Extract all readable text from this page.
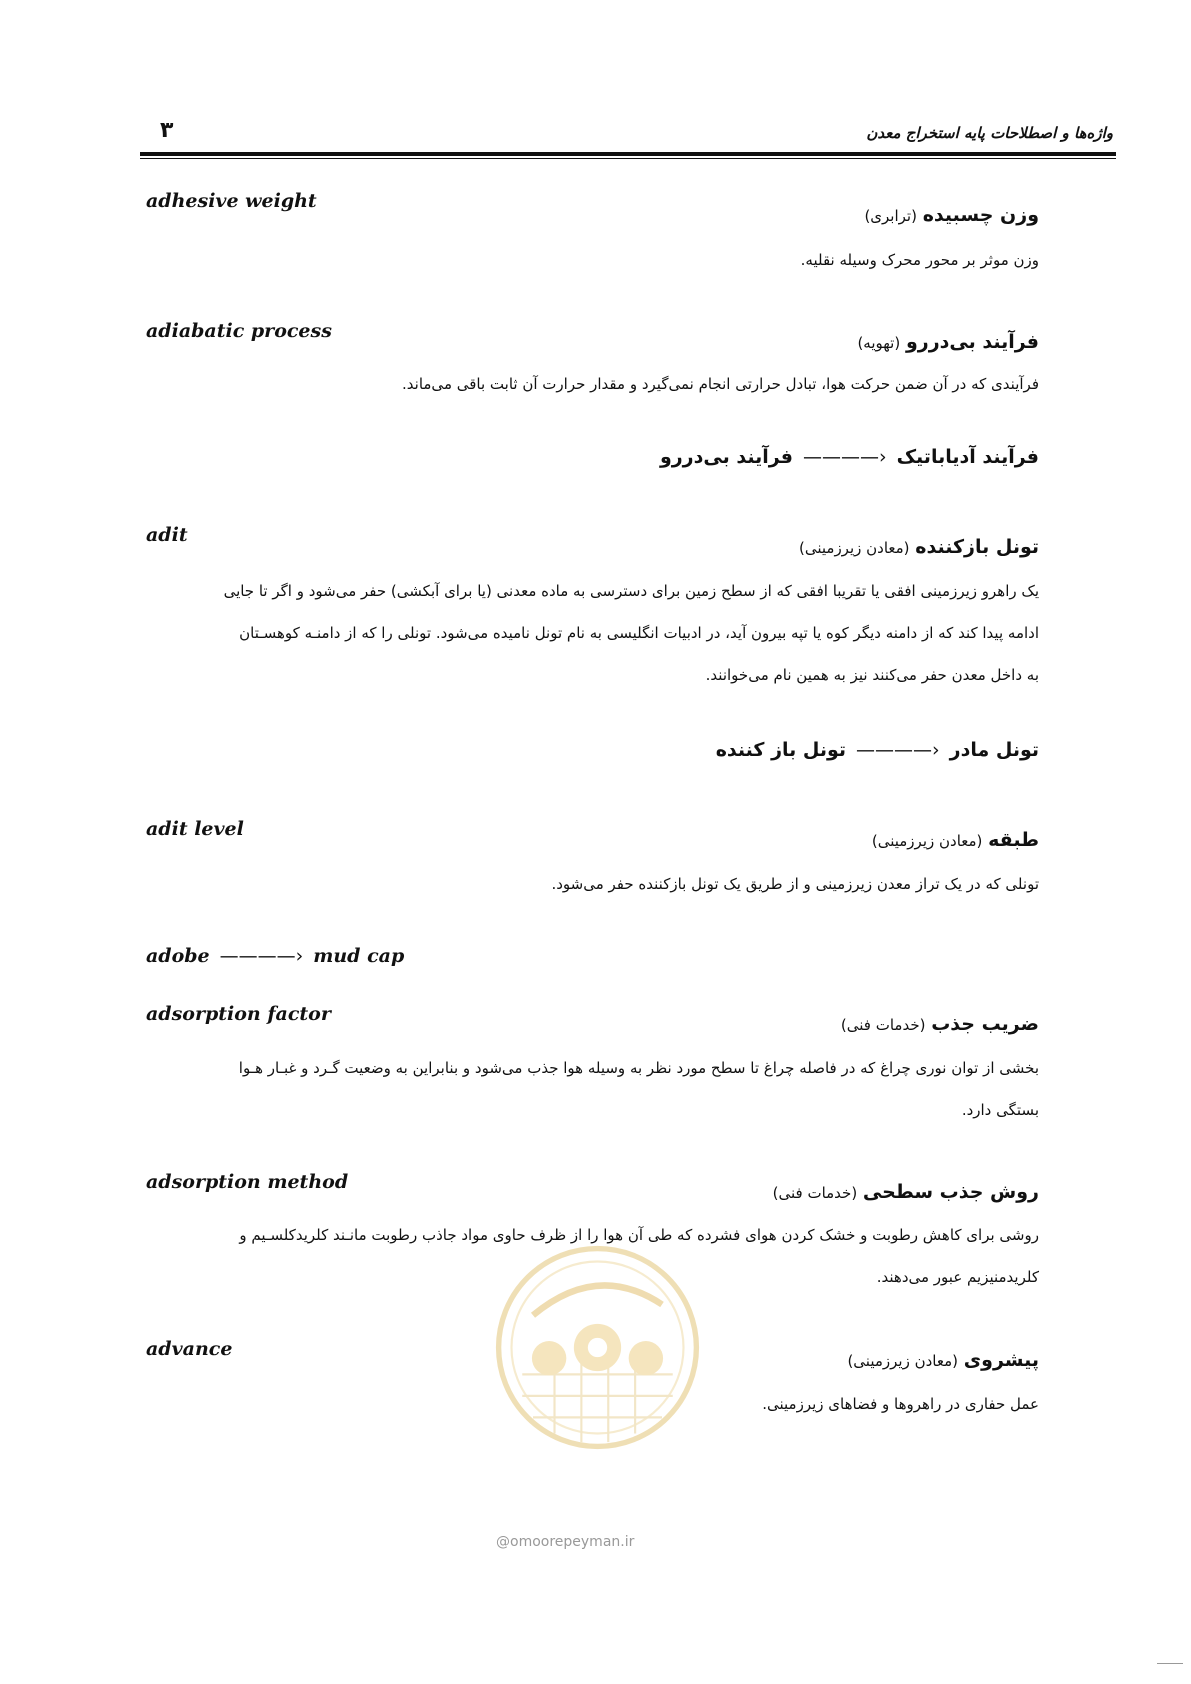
واژه‌ها و اصطلاحات پایه استخراج معدن
۳
adhesive weight
وزن چسبیده (ترابری)
وزن موثر بر محور محرک وسیله نقلیه.
adiabatic process	فرآیند بی‌دررو (تهویه)
فرآیندی که در آن ضمن حرکت هوا، تبادل حرارتی انجام نمی‌گیرد و مقدار حرارت آن ثابت باقی می‌ماند.
فرآیند آدیاباتیک‹————فرآیند بی‌دررو
adit
تونل بازکننده (معادن زیرزمینی)
یک راهرو زیرزمینی افقی یا تقریبا افقی که از سطح زمین برای دسترسی به ماده معدنی (یا برای آبکشی) حفر می‌شود و اگر تا جایی
ادامه پیدا کند که از دامنه دیگر کوه یا تپه بیرون آید، در ادبیات انگلیسی به نام تونل نامیده می‌شود. تونلی را که از دامنـه کوهسـتان
به داخل معدن حفر می‌کنند نیز به همین نام می‌خوانند.
تونل مادر‹————تونل باز کننده
adit level	طبقه (معادن زیرزمینی)
تونلی که در یک تراز معدن زیرزمینی و از طریق یک تونل بازکننده حفر می‌شود.
adobe ————› mud cap
adsorption factor	ضریب جذب (خدمات فنی)
بخشی از توان نوری چراغ که در فاصله چراغ تا سطح مورد نظر به وسیله هوا جذب می‌شود و بنابراین به وضعیت گـرد و غبـار هـوا
بستگی دارد.
adsorption method	روش جذب سطحی (خدمات فنی)
روشی برای کاهش رطوبت و خشک کردن هوای فشرده که طی آن هوا را از ظرف حاوی مواد جاذب رطوبت مانـند کلریدکلسـیم و
کلریدمنیزیم عبور می‌دهند.
@omoorepeyman.ir
advance	پیشروی (معادن زیرزمینی)
عمل حفاری در راهروها و فضاهای زیرزمینی.
